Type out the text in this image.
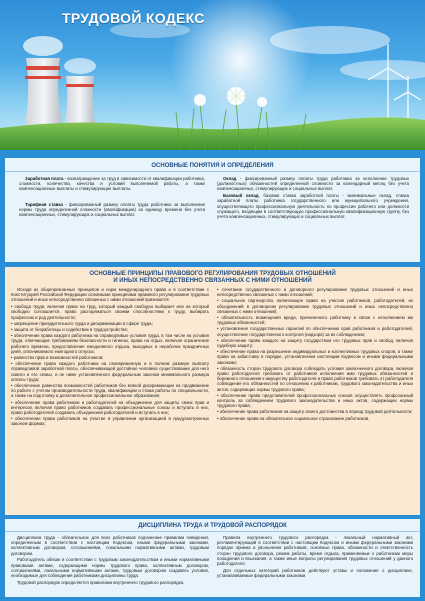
ТРУДОВОЙ КОДЕКС
ОСНОВНЫЕ ПОНЯТИЯ И ОПРЕДЕЛЕНИЯ

Заработная плата - вознаграждение за труд в зависимости от квалификации работника, сложности, количества, качества и условий выполняемой работы, а также компенсационные выплаты и стимулирующие выплаты.

Тарифная ставка - фиксированный размер оплаты труда работника за выполнение нормы труда определенной сложности (квалификации) за единицу времени без учета компенсационных, стимулирующих и социальных выплат.

Оклад - фиксированный размер оплаты труда работника за исполнение трудовых (должностных) обязанностей определенной сложности за календарный месяц без учета компенсационных, стимулирующих и социальных выплат.

Базовый оклад, базовая ставка заработной платы - минимальные оклад, ставка заработной платы работника государственного или муниципального учреждения, осуществляющего профессиональную деятельность по профессии рабочего или должности служащего, входящим в соответствующую профессиональную квалификационную группу, без учета компенсационных, стимулирующих и социальных выплат.

ОСНОВНЫЕ ПРИНЦИПЫ ПРАВОВОГО РЕГУЛИРОВАНИЯ ТРУДОВЫХ ОТНОШЕНИЙ
И ИНЫХ НЕПОСРЕДСТВЕННО СВЯЗАННЫХ С НИМИ ОТНОШЕНИЙ

Исходя из общепризнанных принципов и норм международного права и в соответствии с Конституцией Российской Федерации основными принципами правового регулирования трудовых отношений и иных непосредственно связанных с ними отношений признаются:

• свобода труда, включая право на труд, который каждый свободно выбирает или на который свободно соглашается, право распоряжаться своими способностями к труду, выбирать профессию и род деятельности;
• запрещение принудительного труда и дискриминации в сфере труда;
• защита от безработицы и содействие в трудоустройстве;
• обеспечение права каждого работника на справедливые условия труда, в том числе на условия труда, отвечающие требованиям безопасности и гигиены, права на отдых, включая ограничение рабочего времени, предоставление ежедневного отдыха, выходных и нерабочих праздничных дней, оплачиваемого ежегодного отпуска;
• равенство прав и возможностей работников;
• обеспечение права каждого работника на своевременную и в полном размере выплату справедливой заработной платы, обеспечивающей достойное человека существование для него самого и его семьи, и не ниже установленного федеральным законом минимального размера оплаты труда;
• обеспечение равенства возможностей работников без всякой дискриминации на продвижение по работе с учетом производительности труда, квалификации и стажа работы по специальности, а также на подготовку и дополнительное профессиональное образование;
• обеспечение права работников и работодателей на объединение для защиты своих прав и интересов, включая право работников создавать профессиональные союзы и вступать в них, право работодателей создавать объединения работодателей и вступать в них;
• обеспечение права работников на участие в управлении организацией в предусмотренных законом формах;
• сочетание государственного и договорного регулирования трудовых отношений и иных непосредственно связанных с ними отношений;
• социальное партнерство, включающее право на участие работников, работодателей, их объединений в договорном регулировании трудовых отношений и иных непосредственно связанных с ними отношений;
• обязательность возмещения вреда, причиненного работнику в связи с исполнением им трудовых обязанностей;
• установление государственных гарантий по обеспечению прав работников и работодателей, осуществление государственного контроля (надзора) за их соблюдением;
• обеспечение права каждого на защиту государством его трудовых прав и свобод, включая судебную защиту;
• обеспечение права на разрешение индивидуальных и коллективных трудовых споров, а также права на забастовку в порядке, установленном настоящим Кодексом и иными федеральными законами;
• обязанность сторон трудового договора соблюдать условия заключенного договора, включая право работодателя требовать от работников исполнения ими трудовых обязанностей и бережного отношения к имуществу работодателя и право работников требовать от работодателя соблюдения его обязанностей по отношению к работникам, трудового законодательства и иных актов, содержащих нормы трудового права;
• обеспечение права представителей профессиональных союзов осуществлять профсоюзный контроль за соблюдением трудового законодательства и иных актов, содержащих нормы трудового права;
• обеспечение права работников на защиту своего достоинства в период трудовой деятельности;
• обеспечение права на обязательное социальное страхование работников.
ДИСЦИПЛИНА ТРУДА И ТРУДОВОЙ РАСПОРЯДОК

Дисциплина труда - обязательное для всех работников подчинение правилам поведения, определенным в соответствии с настоящим Кодексом, иными федеральными законами, коллективным договором, соглашениями, локальными нормативными актами, трудовым договором.

Работодатель обязан в соответствии с трудовым законодательством и иными нормативными правовыми актами, содержащими нормы трудового права, коллективным договором, соглашениями, локальными нормативными актами, трудовым договором создавать условия, необходимые для соблюдения работниками дисциплины труда.

Трудовой распорядок определяется правилами внутреннего трудового распорядка.

Правила внутреннего трудового распорядка - локальный нормативный акт, регламентирующий в соответствии с настоящим Кодексом и иными федеральными законами порядок приема и увольнения работников, основные права, обязанности и ответственность сторон трудового договора, режим работы, время отдыха, применяемые к работникам меры поощрения и взыскания, а также иные вопросы регулирования трудовых отношений у данного работодателя.

Для отдельных категорий работников действуют уставы и положения о дисциплине, устанавливаемые федеральными законами.
